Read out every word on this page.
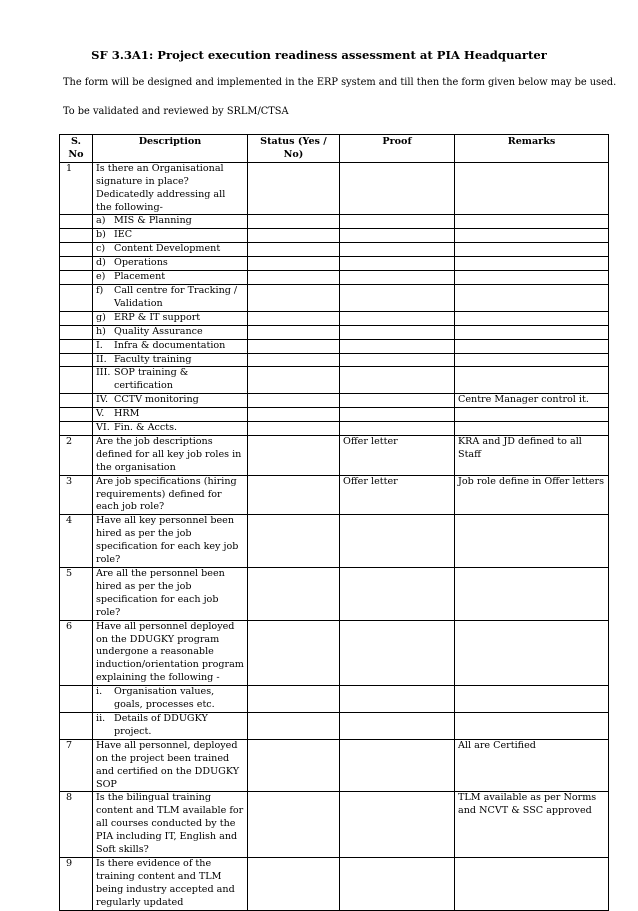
SF 3.3A1: Project execution readiness assessment at PIA Headquarter

The form will be designed and implemented in the ERP system and till then the form given below may be used.

To be validated and reviewed by SRLM/CTSA

S. No	Description	Status (Yes / No)	Proof	Remarks
1	Is there an Organisational signature in place? Dedicatedly addressing all the following-			

	a) MIS & Planning			

	b) IEC			

	c) Content Development			

	d) Operations			

	e) Placement			

	f) Call centre for Tracking / Validation			

	g) ERP & IT support			

	h) Quality Assurance			

	I. Infra & documentation			

	II. Faculty training			

	III. SOP training & certification			

	IV. CCTV monitoring			Centre Manager control it.

	V. HRM			

	VI. Fin. & Accts.			

2	Are the job descriptions defined for all key job roles in the organisation		Offer letter	KRA and JD defined to all Staff
3	Are job specifications (hiring requirements) defined for each job role?		Offer letter	Job role define in Offer letters
4	Have all key personnel been hired as per the job specification for each key job role?			
5	Are all the personnel been hired as per the job specification for each job role?			
6	Have all personnel deployed on the DDUGKY program undergone a reasonable induction/orientation program explaining the following -			

	i. Organisation values, goals, processes etc.			

	ii. Details of DDUGKY project.			

7	Have all personnel, deployed on the project been trained and certified on the DDUGKY SOP			All are Certified
8	Is the bilingual training content and TLM available for all courses conducted by the PIA including IT, English and Soft skills?			TLM available as per Norms and NCVT & SSC approved
9	Is there evidence of the training content and TLM being industry accepted and regularly updated			
